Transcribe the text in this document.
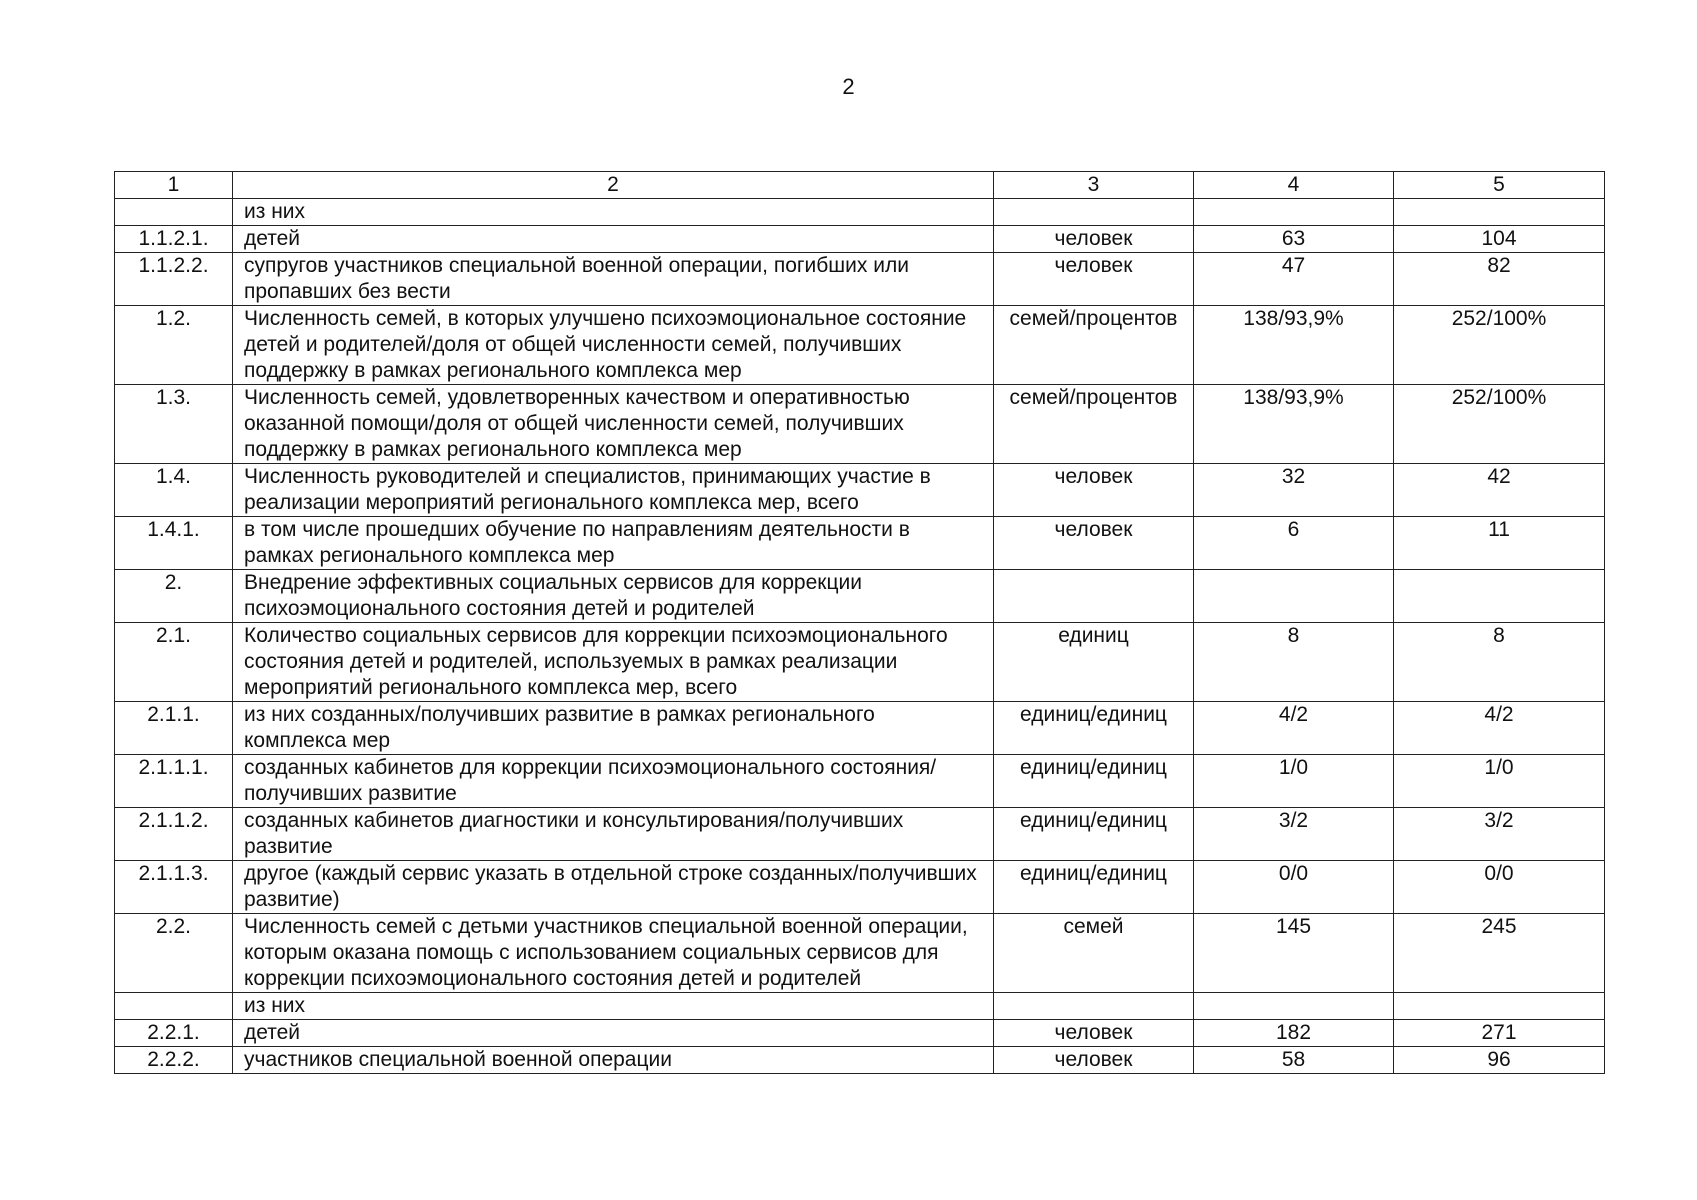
2
1	2	3	4	5
	из них			
1.1.2.1.	детей	человек	63	104
1.1.2.2.	супругов участников специальной военной операции, погибших или пропавших без вести	человек	47	82
1.2.	Численность семей, в которых улучшено психоэмоциональное состояние детей и родителей/доля от общей численности семей, получивших поддержку в рамках регионального комплекса мер	семей/процентов	138/93,9%	252/100%
1.3.	Численность семей, удовлетворенных качеством и оперативностью оказанной помощи/доля от общей численности семей, получивших поддержку в рамках регионального комплекса мер	семей/процентов	138/93,9%	252/100%
1.4.	Численность руководителей и специалистов, принимающих участие в реализации мероприятий регионального комплекса мер, всего	человек	32	42
1.4.1.	в том числе прошедших обучение по направлениям деятельности в рамках регионального комплекса мер	человек	6	11
2.	Внедрение эффективных социальных сервисов для коррекции психоэмоционального состояния детей и родителей			
2.1.	Количество социальных сервисов для коррекции психоэмоционального состояния детей и родителей, используемых в рамках реализации мероприятий регионального комплекса мер, всего	единиц	8	8
2.1.1.	из них созданных/получивших развитие в рамках регионального комплекса мер	единиц/единиц	4/2	4/2
2.1.1.1.	созданных кабинетов для коррекции психоэмоционального состояния/получивших развитие	единиц/единиц	1/0	1/0
2.1.1.2.	созданных кабинетов диагностики и консультирования/получивших развитие	единиц/единиц	3/2	3/2
2.1.1.3.	другое (каждый сервис указать в отдельной строке созданных/получивших развитие)	единиц/единиц	0/0	0/0
2.2.	Численность семей с детьми участников специальной военной операции, которым оказана помощь с использованием социальных сервисов для коррекции психоэмоционального состояния детей и родителей	семей	145	245
	из них			
2.2.1.	детей	человек	182	271
2.2.2.	участников специальной военной операции	человек	58	96
